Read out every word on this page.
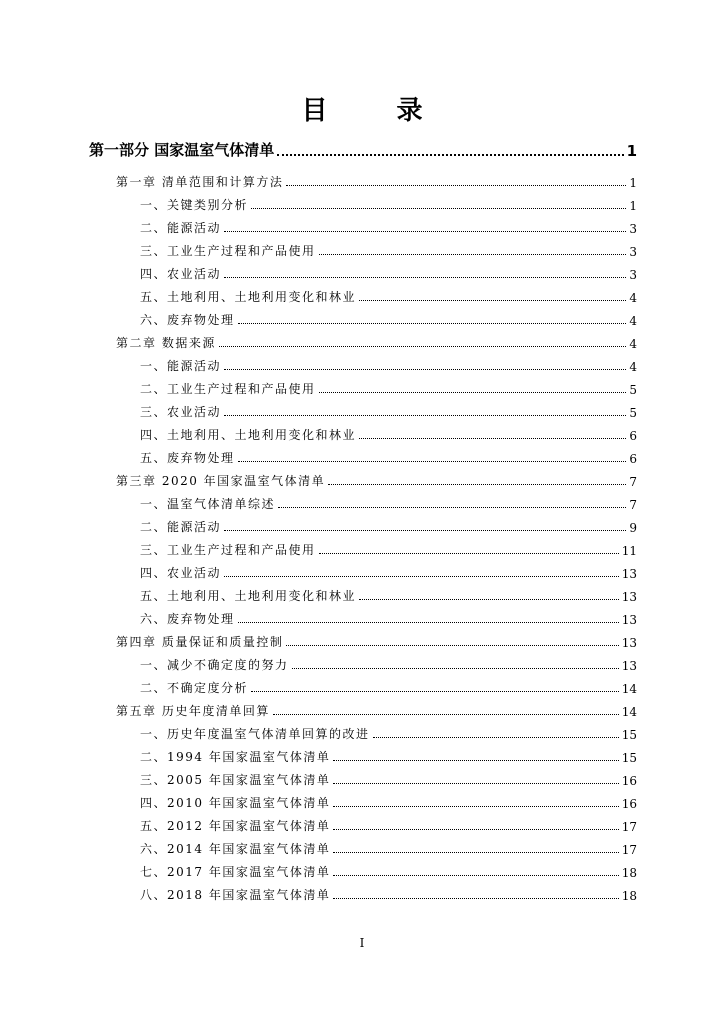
目 录
第一部分 国家温室气体清单	1
第一章 清单范围和计算方法	1
一、关键类别分析	1
二、能源活动	3
三、工业生产过程和产品使用	3
四、农业活动	3
五、土地利用、土地利用变化和林业	4
六、废弃物处理	4
第二章 数据来源	4
一、能源活动	4
二、工业生产过程和产品使用	5
三、农业活动	5
四、土地利用、土地利用变化和林业	6
五、废弃物处理	6
第三章 2020 年国家温室气体清单	7
一、温室气体清单综述	7
二、能源活动	9
三、工业生产过程和产品使用	11
四、农业活动	13
五、土地利用、土地利用变化和林业	13
六、废弃物处理	13
第四章 质量保证和质量控制	13
一、减少不确定度的努力	13
二、不确定度分析	14
第五章 历史年度清单回算	14
一、历史年度温室气体清单回算的改进	15
二、1994 年国家温室气体清单	15
三、2005 年国家温室气体清单	16
四、2010 年国家温室气体清单	16
五、2012 年国家温室气体清单	17
六、2014 年国家温室气体清单	17
七、2017 年国家温室气体清单	18
八、2018 年国家温室气体清单	18
I
